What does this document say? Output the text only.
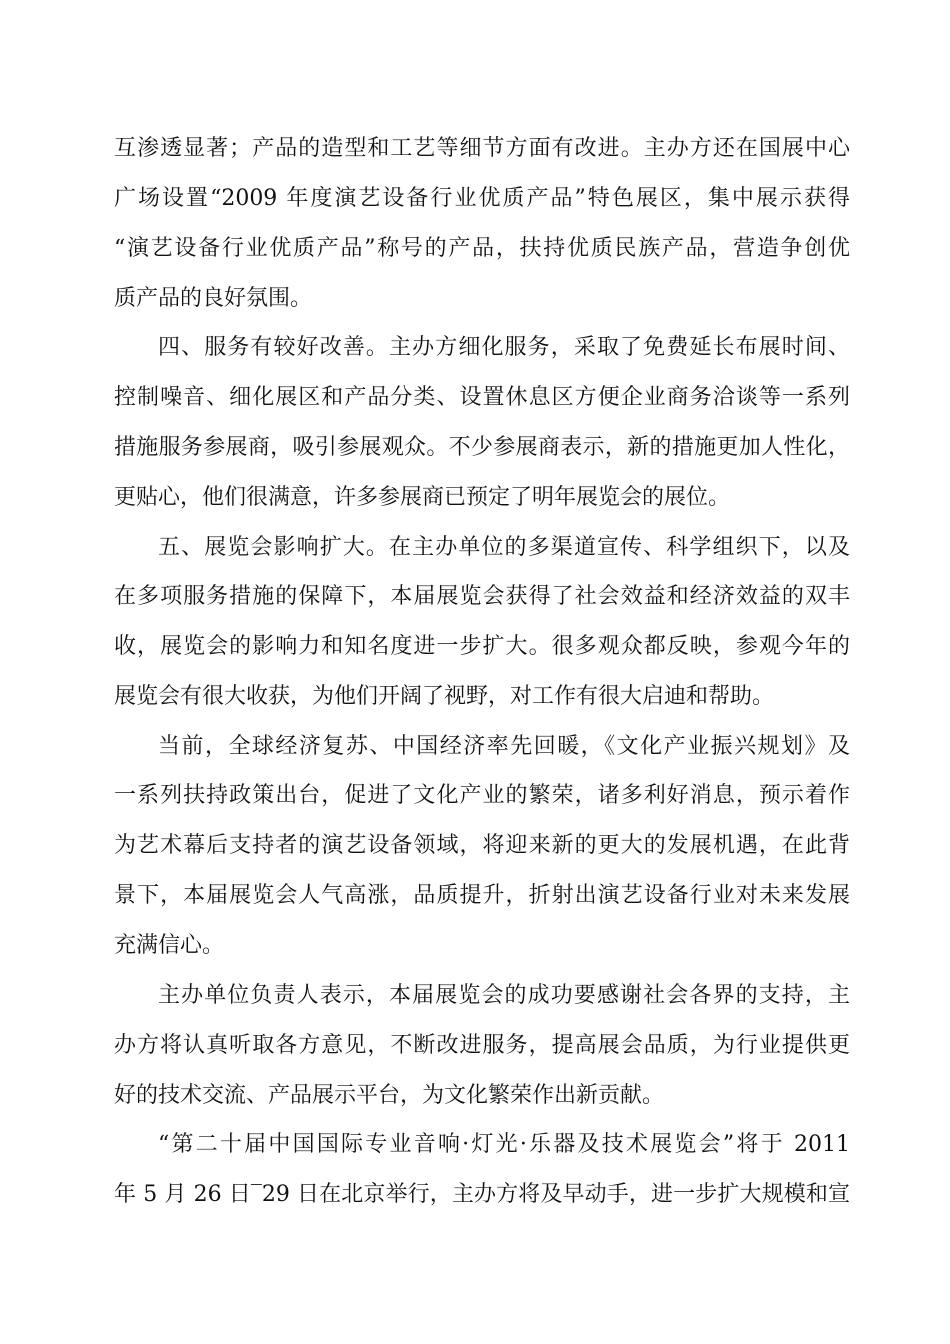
互渗透显著；产品的造型和工艺等细节方面有改进。主办方还在国展中心
广场设置“2009 年度演艺设备行业优质产品”特色展区，集中展示获得
“演艺设备行业优质产品”称号的产品，扶持优质民族产品，营造争创优
质产品的良好氛围。
四、服务有较好改善。主办方细化服务，采取了免费延长布展时间、
控制噪音、细化展区和产品分类、设置休息区方便企业商务洽谈等一系列
措施服务参展商，吸引参展观众。不少参展商表示，新的措施更加人性化，
更贴心，他们很满意，许多参展商已预定了明年展览会的展位。
五、展览会影响扩大。在主办单位的多渠道宣传、科学组织下，以及
在多项服务措施的保障下，本届展览会获得了社会效益和经济效益的双丰
收，展览会的影响力和知名度进一步扩大。很多观众都反映，参观今年的
展览会有很大收获，为他们开阔了视野，对工作有很大启迪和帮助。
当前，全球经济复苏、中国经济率先回暖，《文化产业振兴规划》及
一系列扶持政策出台，促进了文化产业的繁荣，诸多利好消息，预示着作
为艺术幕后支持者的演艺设备领域，将迎来新的更大的发展机遇，在此背
景下，本届展览会人气高涨，品质提升，折射出演艺设备行业对未来发展
充满信心。
主办单位负责人表示，本届展览会的成功要感谢社会各界的支持，主
办方将认真听取各方意见，不断改进服务，提高展会品质，为行业提供更
好的技术交流、产品展示平台，为文化繁荣作出新贡献。
“第二十届中国国际专业音响·灯光·乐器及技术展览会”将于 2011
年 5 月 26 日‾29 日在北京举行，主办方将及早动手，进一步扩大规模和宣
